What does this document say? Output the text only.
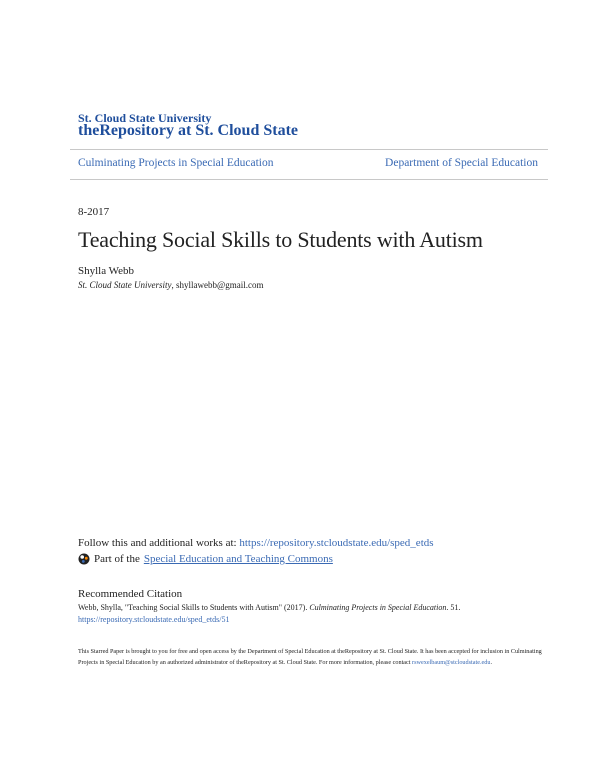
St. Cloud State University
theRepository at St. Cloud State
Culminating Projects in Special Education	Department of Special Education
8-2017
Teaching Social Skills to Students with Autism
Shylla Webb
St. Cloud State University, shyllawebb@gmail.com
Follow this and additional works at: https://repository.stcloudstate.edu/sped_etds
Part of the Special Education and Teaching Commons
Recommended Citation
Webb, Shylla, "Teaching Social Skills to Students with Autism" (2017). Culminating Projects in Special Education. 51.
https://repository.stcloudstate.edu/sped_etds/51
This Starred Paper is brought to you for free and open access by the Department of Special Education at theRepository at St. Cloud State. It has been accepted for inclusion in Culminating Projects in Special Education by an authorized administrator of theRepository at St. Cloud State. For more information, please contact rswexelbaum@stcloudstate.edu.
